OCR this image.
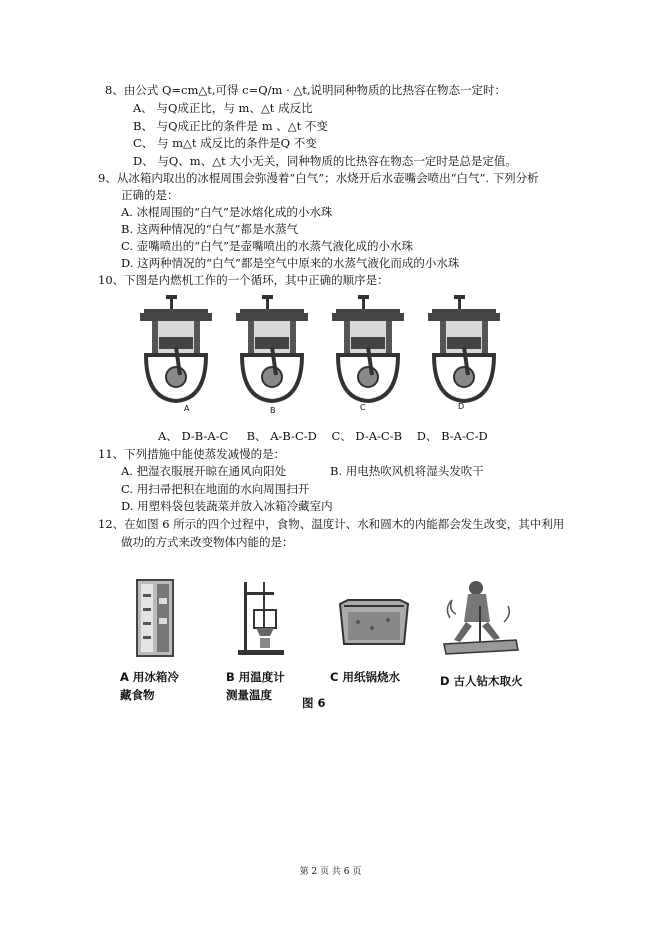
8、由公式 Q=cm△t,可得 c=Q/m · △t,说明同种物质的比热容在物态一定时：
A、 与Q成正比，与 m、△t 成反比
B、 与Q成正比的条件是 m 、△t 不变
C、 与 m△t 成反比的条件是Q 不变
D、 与Q、m、△t 大小无关，同种物质的比热容在物态一定时是总是定值。
9、从冰箱内取出的冰棍周围会弥漫着“白气”；水烧开后水壶嘴会喷出“白气”. 下列分析
正确的是：
A. 冰棍周围的“白气”是冰熔化成的小水珠
B. 这两种情况的“白气”都是水蒸气
C. 壶嘴喷出的“白气”是壶嘴喷出的水蒸气液化成的小水珠
D. 这两种情况的“白气”都是空气中原来的水蒸气液化而成的小水珠
10、下图是内燃机工作的一个循环，其中正确的顺序是：
A	B	C	D
A、 D-B-A-C     B、 A-B-C-D    C、 D-A-C-B    D、 B-A-C-D
11、下列措施中能使蒸发减慢的是：
A. 把湿衣服展开晾在通风向阳处	B. 用电热吹风机将湿头发吹干
C. 用扫帚把积在地面的水向周围扫开
D. 用塑料袋包装蔬菜并放入冰箱冷藏室内
12、在如图 6 所示的四个过程中，食物、温度计、水和圆木的内能都会发生改变，其中利用
做功的方式来改变物体内能的是：
A 用冰箱冷
藏食物
B 用温度计
测量温度
C 用纸锅烧水	D 古人钻木取火
图 6
第 2 页 共 6 页
